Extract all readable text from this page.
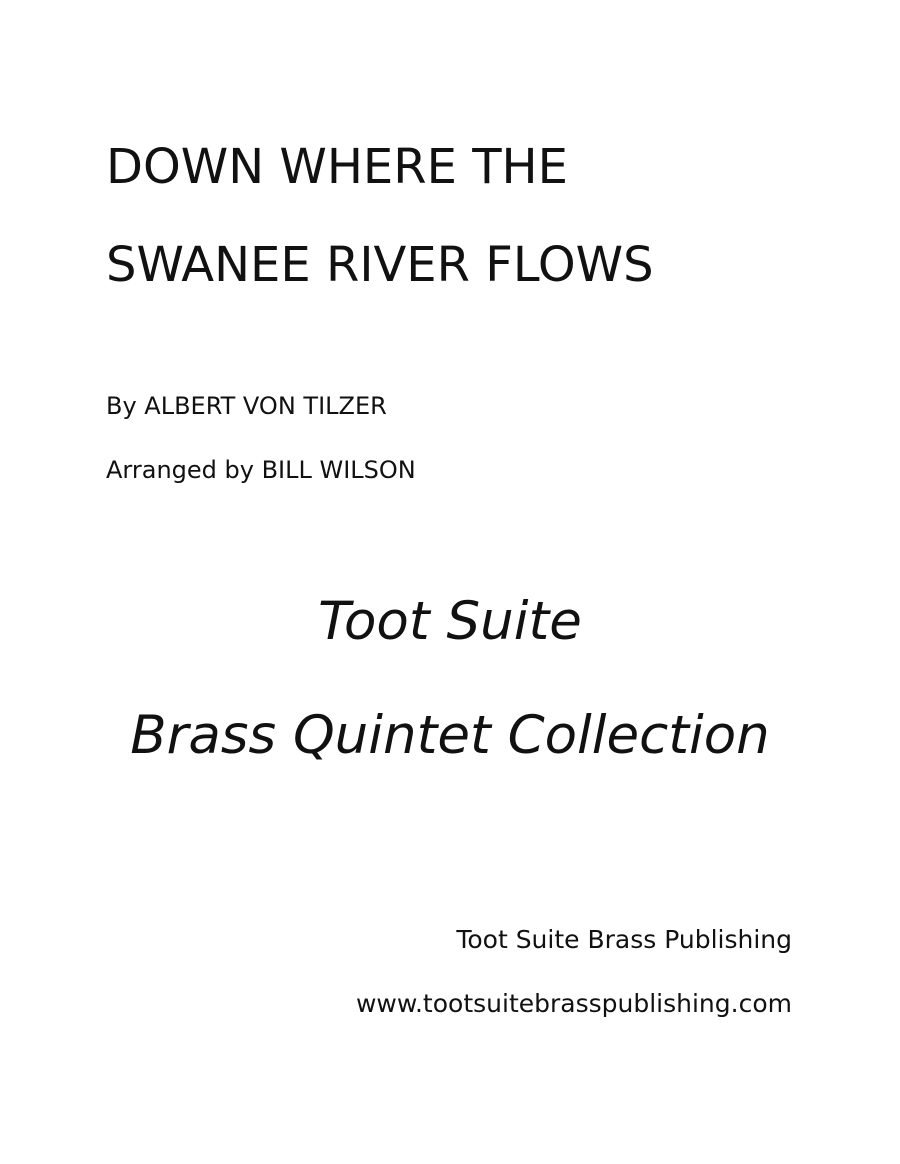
DOWN WHERE THE
SWANEE RIVER FLOWS
By ALBERT VON TILZER
Arranged by BILL WILSON
Toot Suite
Brass Quintet Collection
Toot Suite Brass Publishing
www.tootsuitebrasspublishing.com
